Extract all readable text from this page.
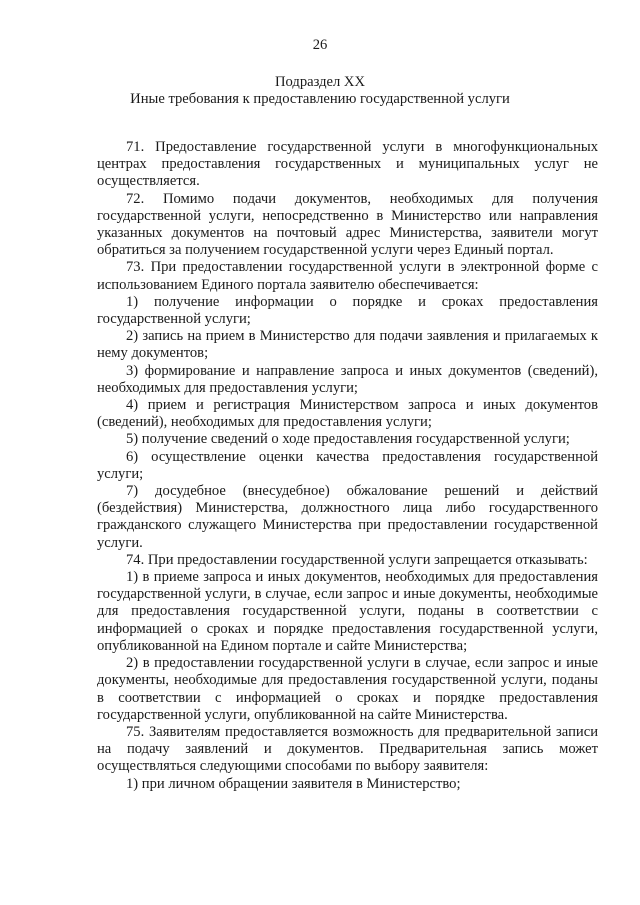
26
Подраздел XX
Иные требования к предоставлению государственной услуги

71. Предоставление государственной услуги в многофункциональных центрах предоставления государственных и муниципальных услуг не осуществляется.

72. Помимо подачи документов, необходимых для получения государственной услуги, непосредственно в Министерство или направления указанных документов на почтовый адрес Министерства, заявители могут обратиться за получением государственной услуги через Единый портал.

73. При предоставлении государственной услуги в электронной форме с использованием Единого портала заявителю обеспечивается:

1) получение информации о порядке и сроках предоставления государственной услуги;

2) запись на прием в Министерство для подачи заявления и прилагаемых к нему документов;

3) формирование и направление запроса и иных документов (сведений), необходимых для предоставления услуги;

4) прием и регистрация Министерством запроса и иных документов (сведений), необходимых для предоставления услуги;

5) получение сведений о ходе предоставления государственной услуги;

6) осуществление оценки качества предоставления государственной услуги;

7) досудебное (внесудебное) обжалование решений и действий (бездействия) Министерства, должностного лица либо государственного гражданского служащего Министерства при предоставлении государственной услуги.

74. При предоставлении государственной услуги запрещается отказывать:

1) в приеме запроса и иных документов, необходимых для предоставления государственной услуги, в случае, если запрос и иные документы, необходимые для предоставления государственной услуги, поданы в соответствии с информацией о сроках и порядке предоставления государственной услуги, опубликованной на Едином портале и сайте Министерства;

2) в предоставлении государственной услуги в случае, если запрос и иные документы, необходимые для предоставления государственной услуги, поданы в соответствии с информацией о сроках и порядке предоставления государственной услуги, опубликованной на сайте Министерства.

75. Заявителям предоставляется возможность для предварительной записи на подачу заявлений и документов. Предварительная запись может осуществляться следующими способами по выбору заявителя:

1) при личном обращении заявителя в Министерство;
